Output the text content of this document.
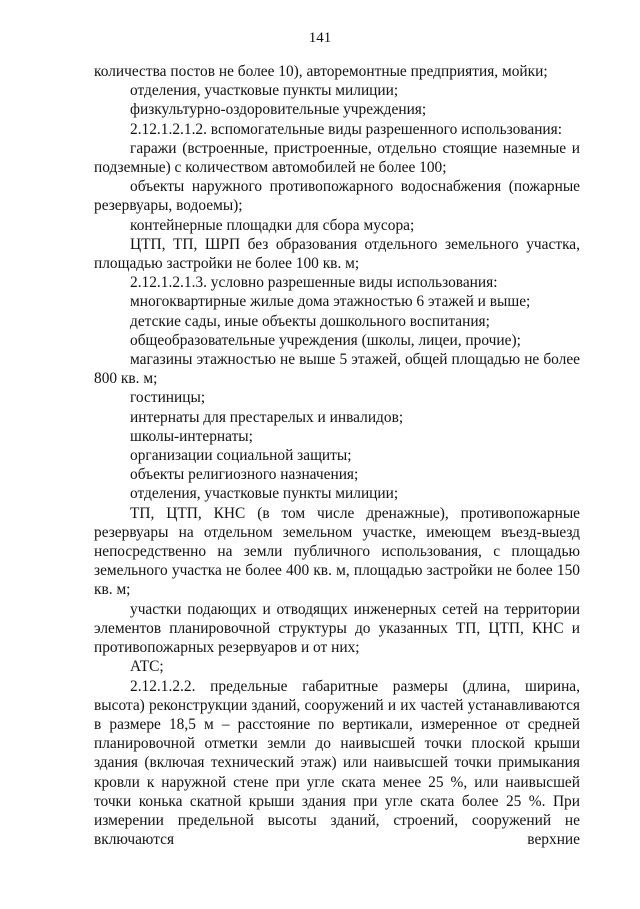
141

количества постов не более 10), авторемонтные предприятия, мойки;

отделения, участковые пункты милиции;

физкультурно-оздоровительные учреждения;

2.12.1.2.1.2. вспомогательные виды разрешенного использования:

гаражи (встроенные, пристроенные, отдельно стоящие наземные и подземные) с количеством автомобилей не более 100;

объекты наружного противопожарного водоснабжения (пожарные резервуары, водоемы);

контейнерные площадки для сбора мусора;

ЦТП, ТП, ШРП без образования отдельного земельного участка, площадью застройки не более 100 кв. м;

2.12.1.2.1.3. условно разрешенные виды использования:

многоквартирные жилые дома этажностью 6 этажей и выше;

детские сады, иные объекты дошкольного воспитания;

общеобразовательные учреждения (школы, лицеи, прочие);

магазины этажностью не выше 5 этажей, общей площадью не более 800 кв. м;

гостиницы;

интернаты для престарелых и инвалидов;

школы-интернаты;

организации социальной защиты;

объекты религиозного назначения;

отделения, участковые пункты милиции;

ТП, ЦТП, КНС (в том числе дренажные), противопожарные резервуары на отдельном земельном участке, имеющем въезд-выезд непосредственно на земли публичного использования, с площадью земельного участка не более 400 кв. м, площадью застройки не более 150 кв. м;

участки подающих и отводящих инженерных сетей на территории элементов планировочной структуры до указанных ТП, ЦТП, КНС и противопожарных резервуаров и от них;

АТС;

2.12.1.2.2. предельные габаритные размеры (длина, ширина, высота) реконструкции зданий, сооружений и их частей устанавливаются в размере 18,5 м – расстояние по вертикали, измеренное от средней планировочной отметки земли до наивысшей точки плоской крыши здания (включая технический этаж) или наивысшей точки примыкания кровли к наружной стене при угле ската менее 25 %, или наивысшей точки конька скатной крыши здания при угле ската более 25 %. При измерении предельной высоты зданий, строений, сооружений не включаются верхние
